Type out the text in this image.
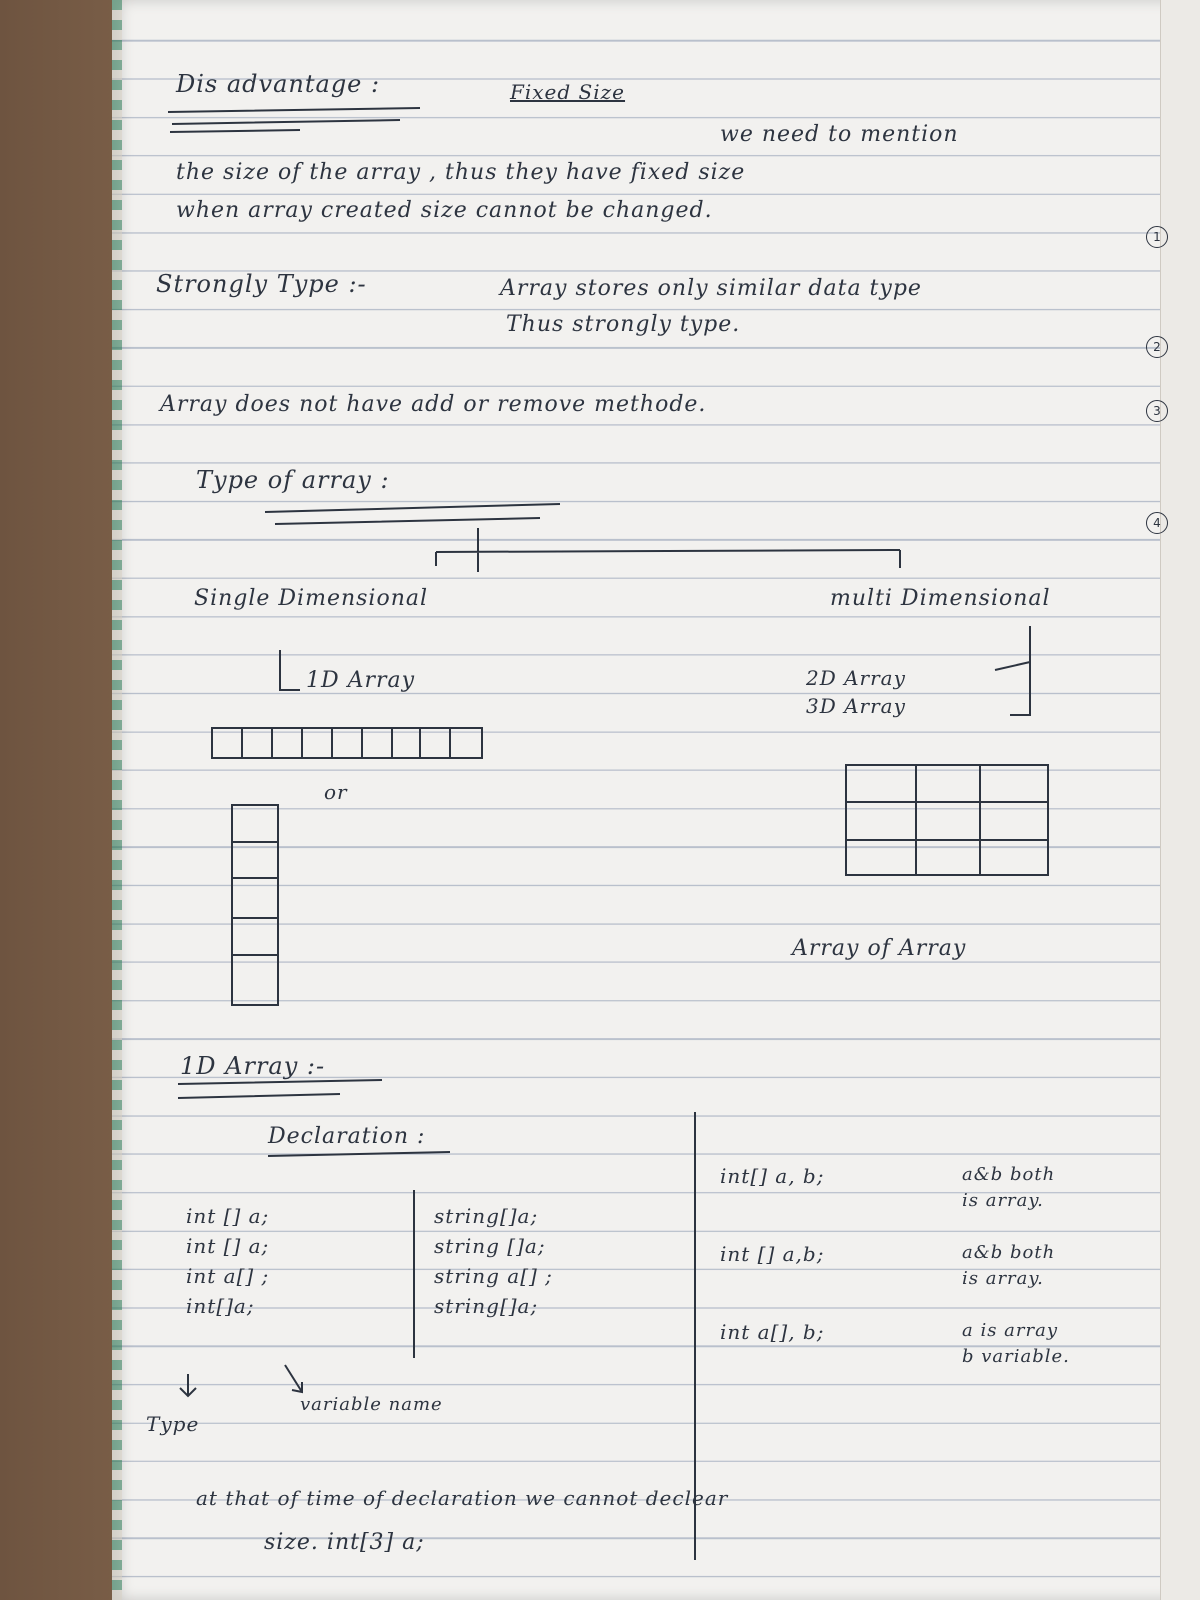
Dis advantage :	Fixed Size
we need to mention
the size of the array , thus they have fixed size
when array created size cannot be changed.
1
Strongly Type :-	Array stores only similar data type
Thus strongly type.
2
Array does not have add or remove methode.	3
Type of array :
4
Single Dimensional	multi Dimensional
1D Array	2D Array
3D Array
or
Array of Array
1D Array :-
Declaration :
int [] a;
int [] a;
int a[] ;
int[]a;
string[]a;
string []a;
string a[] ;
string[]a;
Type
variable name
int[] a, b;	a&b both
is array.
int [] a,b;	a&b both
is array.
int a[], b;	a is array
b variable.
at that of time of declaration we cannot declear
size. int[3] a;
